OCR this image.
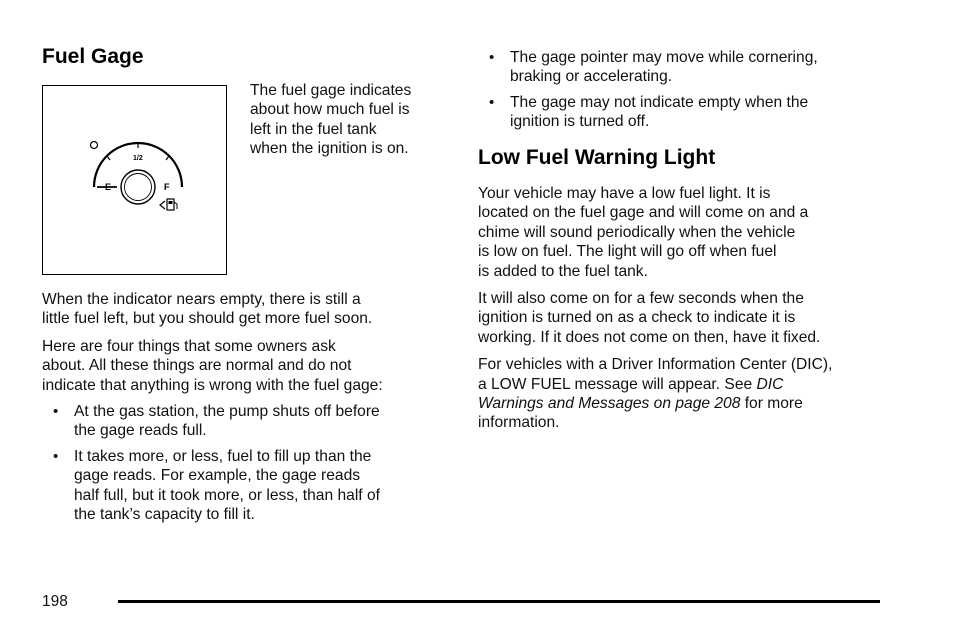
Fuel Gage
1/2
E	F
The fuel gage indicates
about how much fuel is
left in the fuel tank
when the ignition is on.

When the indicator nears empty, there is still a
little fuel left, but you should get more fuel soon.

Here are four things that some owners ask
about. All these things are normal and do not
indicate that anything is wrong with the fuel gage:

• At the gas station, the pump shuts off before
the gage reads full.
• It takes more, or less, fuel to fill up than the
gage reads. For example, the gage reads
half full, but it took more, or less, than half of
the tank’s capacity to fill it.
• The gage pointer may move while cornering,
braking or accelerating.
• The gage may not indicate empty when the
ignition is turned off.
Low Fuel Warning Light

Your vehicle may have a low fuel light. It is
located on the fuel gage and will come on and a
chime will sound periodically when the vehicle
is low on fuel. The light will go off when fuel
is added to the fuel tank.

It will also come on for a few seconds when the
ignition is turned on as a check to indicate it is
working. If it does not come on then, have it fixed.

For vehicles with a Driver Information Center (DIC),
a LOW FUEL message will appear. See DIC
Warnings and Messages on page 208 for more
information.

198
